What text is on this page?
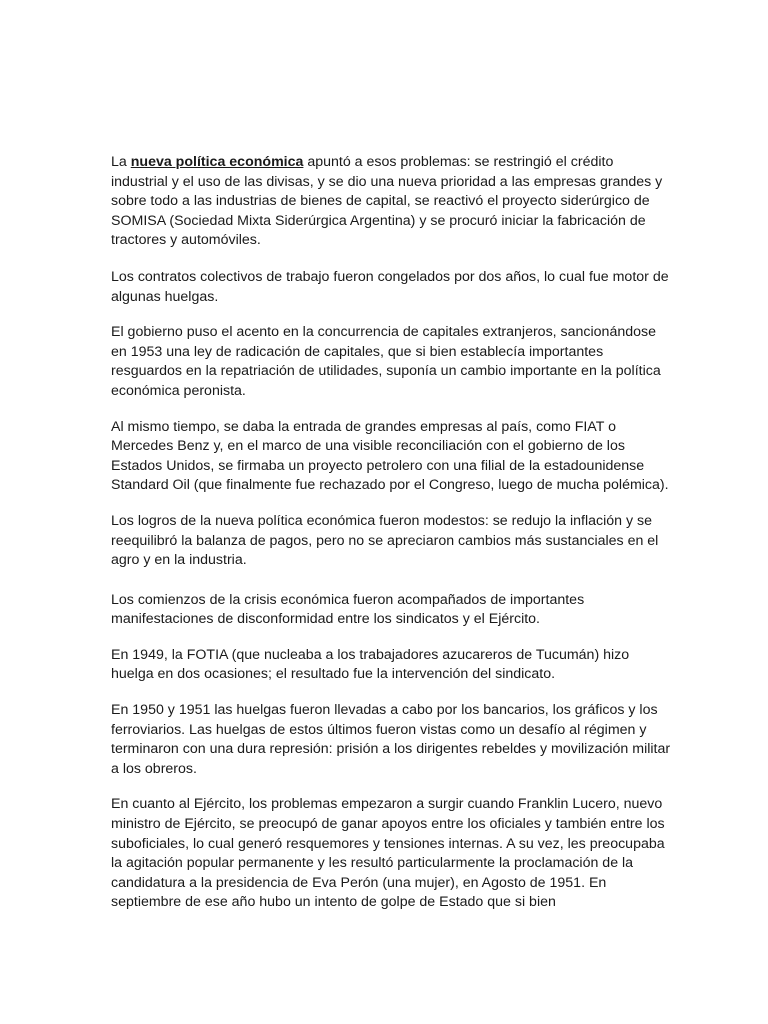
La nueva política económica apuntó a esos problemas: se restringió el crédito industrial y el uso de las divisas, y se dio una nueva prioridad a las empresas grandes y sobre todo a las industrias de bienes de capital, se reactivó el proyecto siderúrgico de SOMISA (Sociedad Mixta Siderúrgica Argentina) y se procuró iniciar la fabricación de tractores y automóviles.

Los contratos colectivos de trabajo fueron congelados por dos años, lo cual fue motor de algunas huelgas.

El gobierno puso el acento en la concurrencia de capitales extranjeros, sancionándose en 1953 una ley de radicación de capitales, que si bien establecía importantes resguardos en la repatriación de utilidades, suponía un cambio importante en la política económica peronista.

Al mismo tiempo, se daba la entrada de grandes empresas al país, como FIAT o Mercedes Benz y, en el marco de una visible reconciliación con el gobierno de los Estados Unidos, se firmaba un proyecto petrolero con una filial de la estadounidense Standard Oil (que finalmente fue rechazado por el Congreso, luego de mucha polémica).

Los logros de la nueva política económica fueron modestos: se redujo la inflación y se reequilibró la balanza de pagos, pero no se apreciaron cambios más sustanciales en el agro y en la industria.

Los comienzos de la crisis económica fueron acompañados de importantes manifestaciones de disconformidad entre los sindicatos y el Ejército.

En 1949, la FOTIA (que nucleaba a los trabajadores azucareros de Tucumán) hizo huelga en dos ocasiones; el resultado fue la intervención del sindicato.

En 1950 y 1951 las huelgas fueron llevadas a cabo por los bancarios, los gráficos y los ferroviarios. Las huelgas de estos últimos fueron vistas como un desafío al régimen y terminaron con una dura represión: prisión a los dirigentes rebeldes y movilización militar a los obreros.

En cuanto al Ejército, los problemas empezaron a surgir cuando Franklin Lucero, nuevo ministro de Ejército, se preocupó de ganar apoyos entre los oficiales y también entre los suboficiales, lo cual generó resquemores y tensiones internas. A su vez, les preocupaba la agitación popular permanente y les resultó particularmente la proclamación de la candidatura a la presidencia de Eva Perón (una mujer), en Agosto de 1951. En septiembre de ese año hubo un intento de golpe de Estado que si bien
